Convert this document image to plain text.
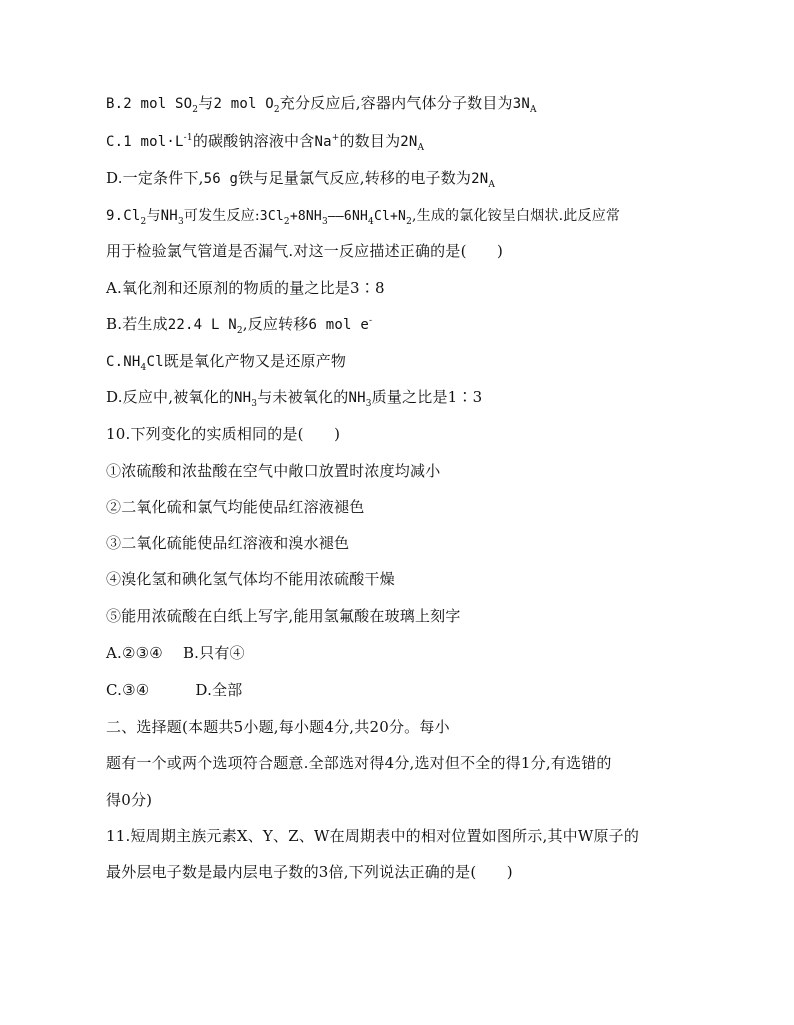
B.2 mol $SO_2$与2 mol $O_2$充分反应后,容器内气体分子数目为$3N_A$
C.1 $mol\cdot L^{-1}$的碳酸钠溶液中含Na+的数目为$2N_A$
D.一定条件下,56 g铁与足量氯气反应,转移的电子数为$2N_A$
$9.Cl_2$与$NH_3$可发生反应$:3Cl_2+8NH_3——6NH_4Cl+N_2$,生成的氯化铵呈白烟状.此反应常
用于检验氯气管道是否漏气.对这一反应描述正确的是(　　)
A.氧化剂和还原剂的物质的量之比是3∶8
B.若生成22.4 L $N_2$,反应转移6 mol e-
$C.NH_4Cl$既是氧化产物又是还原产物
D.反应中,被氧化的$NH_3$与未被氧化的$NH_3$质量之比是1∶3
10.下列变化的实质相同的是(　　)
①浓硫酸和浓盐酸在空气中敞口放置时浓度均减小
②二氧化硫和氯气均能使品红溶液褪色
③二氧化硫能使品红溶液和溴水褪色
④溴化氢和碘化氢气体均不能用浓硫酸干燥
⑤能用浓硫酸在白纸上写字,能用氢氟酸在玻璃上刻字
A.②③④ B.只有④
C.③④	D.全部
二、选择题(本题共5小题,每小题4分,共20分。每小
题有一个或两个选项符合题意.全部选对得4分,选对但不全的得1分,有选错的
得0分)
11.短周期主族元素X、Y、Z、W在周期表中的相对位置如图所示,其中W原子的
最外层电子数是最内层电子数的3倍,下列说法正确的是(　　)
